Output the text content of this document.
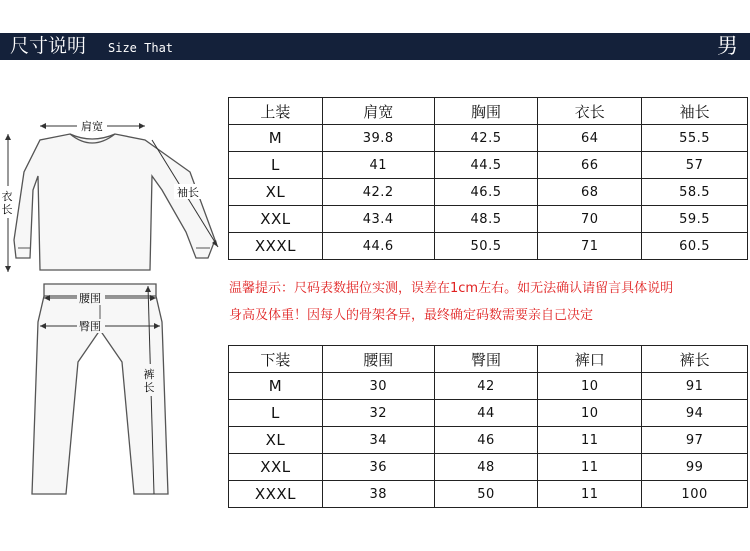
尺寸说明 Size That	男
肩宽
衣
长
袖长
腰围
臀围
裤
长
上装	肩宽	胸围	衣长	袖长
M	39.8	42.5	64	55.5
L	41	44.5	66	57
XL	42.2	46.5	68	58.5
XXL	43.4	48.5	70	59.5
XXXL	44.6	50.5	71	60.5
温馨提示：尺码表数据位实测，误差在1cm左右。如无法确认请留言具体说明
身高及体重！因每人的骨架各异，最终确定码数需要亲自己决定
下装	腰围	臀围	裤口	裤长
M	30	42	10	91
L	32	44	10	94
XL	34	46	11	97
XXL	36	48	11	99
XXXL	38	50	11	100
